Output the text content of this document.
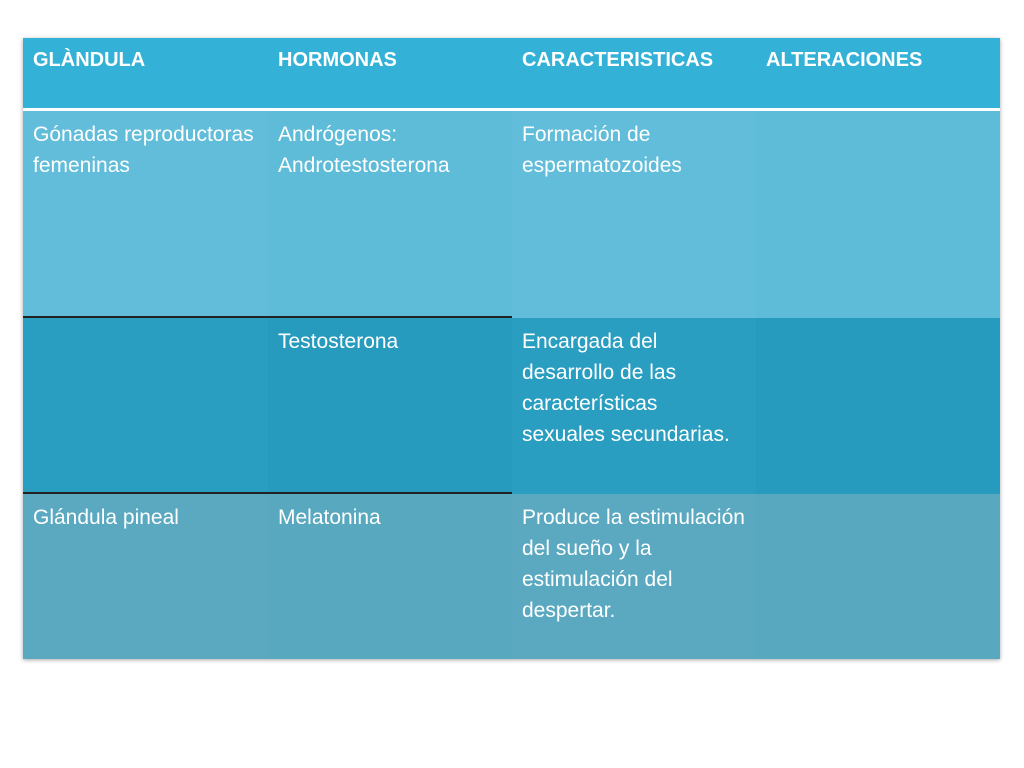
GLÀNDULA	HORMONAS	CARACTERISTICAS	ALTERACIONES
Gónadas reproductoras femeninas	Andrógenos: Androtestosterona	Formación de espermatozoides	
	Testosterona	Encargada del desarrollo de las características sexuales secundarias.	
Glándula pineal	Melatonina	Produce la estimulación del sueño y la estimulación del despertar.	
